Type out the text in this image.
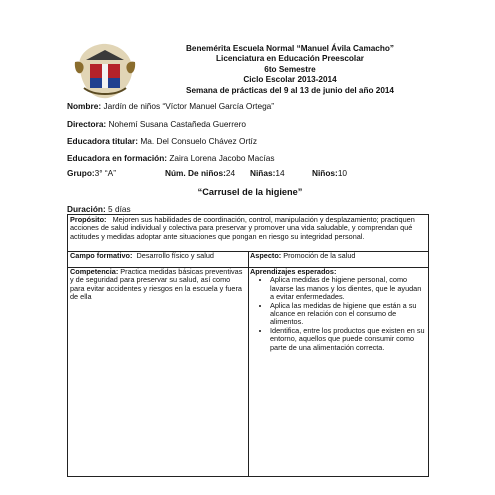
Benemérita Escuela Normal “Manuel Ávila Camacho”
Licenciatura en Educación Preescolar
6to Semestre
Ciclo Escolar 2013-2014
Semana de prácticas del 9 al 13 de junio del año 2014
Nombre: Jardín de niños “Víctor Manuel García Ortega”
Directora: Nohemí Susana Castañeda Guerrero
Educadora titular: Ma. Del Consuelo Chávez Ortíz
Educadora en formación: Zaira Lorena Jacobo Macías
Grupo: 3° “A”	Núm. De niños: 24 Niñas: 14	Niños: 10
“Carrusel de la higiene”
Duración: 5 días
Propósito: Mejoren sus habilidades de coordinación, control, manipulación y desplazamiento; practiquen acciones de salud individual y colectiva para preservar y promover una vida saludable, y comprendan qué actitudes y medidas adoptar ante situaciones que pongan en riesgo su integridad personal.
Campo formativo: Desarrollo físico y salud	Aspecto: Promoción de la salud
Competencia: Practica medidas básicas preventivas y de seguridad para preservar su salud, así como para evitar accidentes y riesgos en la escuela y fuera de ella
Aprendizajes esperados:
• Aplica medidas de higiene personal, como lavarse las manos y los dientes, que le ayudan a evitar enfermedades.
• Aplica las medidas de higiene que están a su alcance en relación con el consumo de alimentos.
• Identifica, entre los productos que existen en su entorno, aquellos que puede consumir como parte de una alimentación correcta.
